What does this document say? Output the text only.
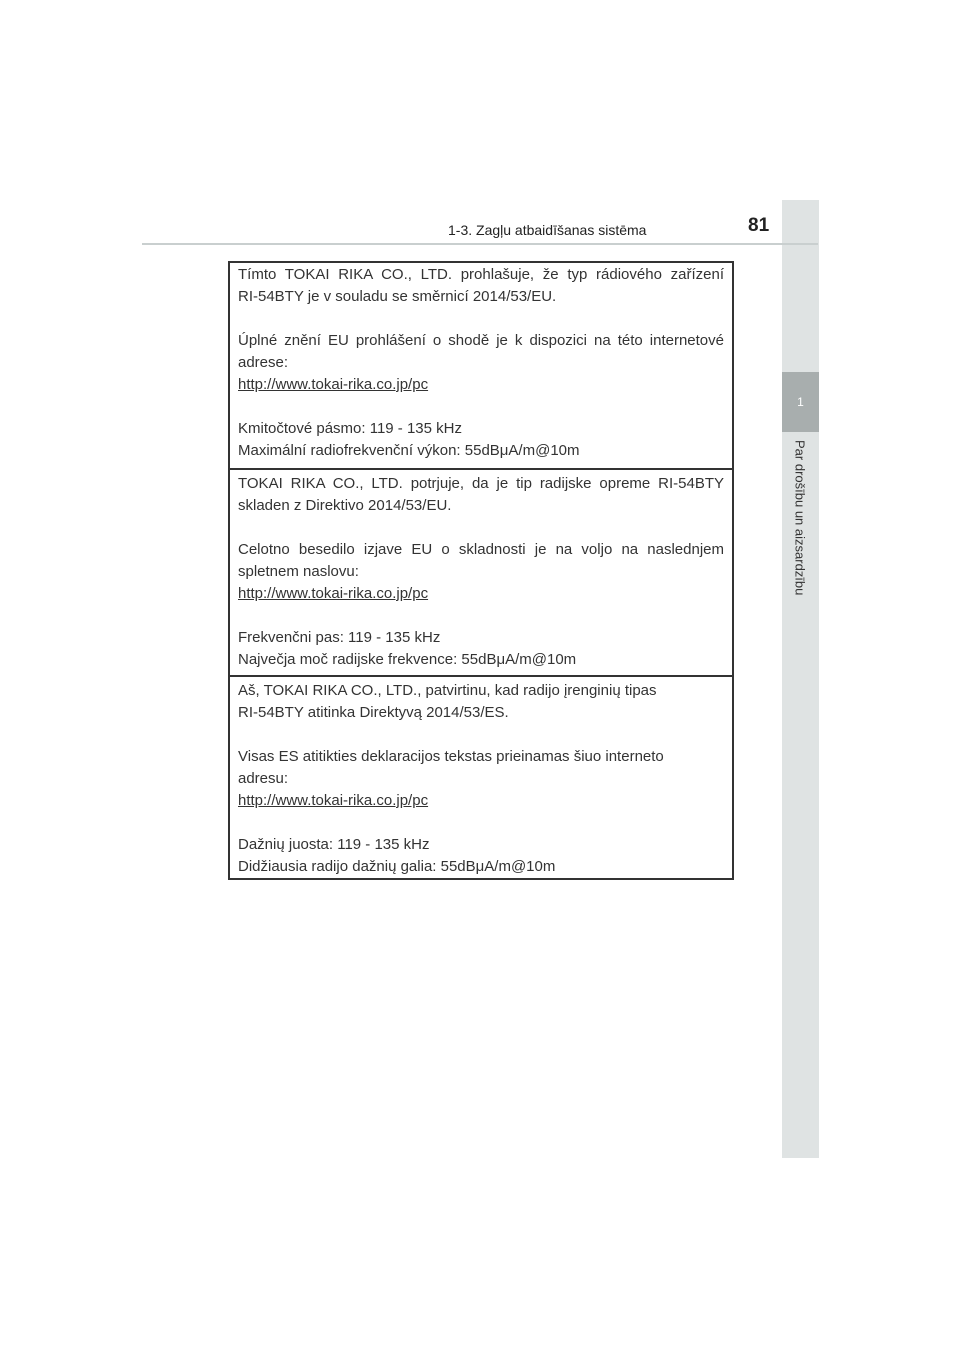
1
Par drošību un aizsardzību
1-3. Zagļu atbaidīšanas sistēma	81

Tímto TOKAI RIKA CO., LTD. prohlašuje, že typ rádiového zařízení

RI-54BTY je v souladu se směrnicí 2014/53/EU.

Úplné znění EU prohlášení o shodě je k dispozici na této internetové

adrese:

http://www.tokai-rika.co.jp/pc

Kmitočtové pásmo: 119 - 135 kHz

Maximální radiofrekvenční výkon: 55dBμA/m@10m

TOKAI RIKA CO., LTD. potrjuje, da je tip radijske opreme RI-54BTY

skladen z Direktivo 2014/53/EU.

Celotno besedilo izjave EU o skladnosti je na voljo na naslednjem

spletnem naslovu:

http://www.tokai-rika.co.jp/pc

Frekvenčni pas: 119 - 135 kHz

Največja moč radijske frekvence: 55dBμA/m@10m

Aš, TOKAI RIKA CO., LTD., patvirtinu, kad radijo įrenginių tipas

RI-54BTY atitinka Direktyvą 2014/53/ES.

Visas ES atitikties deklaracijos tekstas prieinamas šiuo interneto

adresu:

http://www.tokai-rika.co.jp/pc

Dažnių juosta: 119 - 135 kHz

Didžiausia radijo dažnių galia: 55dBμA/m@10m
